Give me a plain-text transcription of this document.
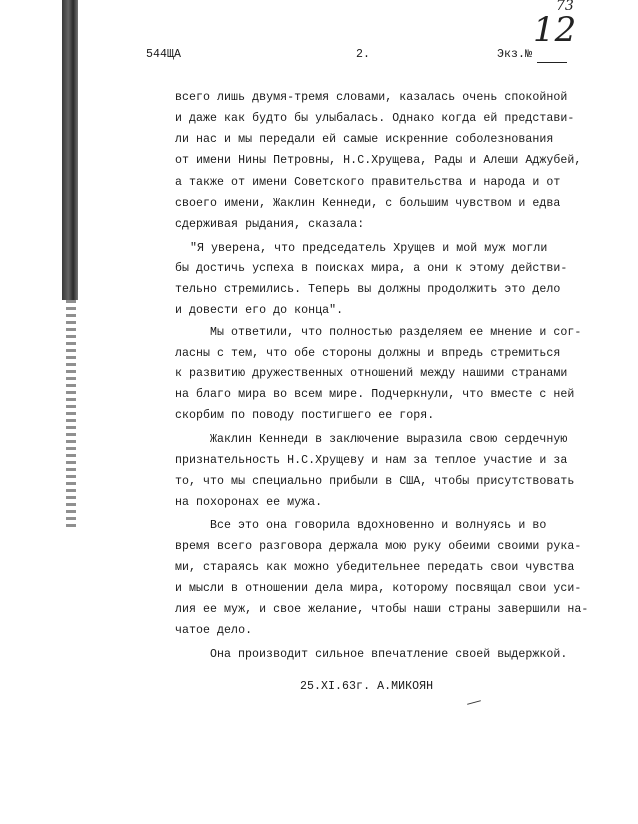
544ЩА	2.	Экз.№
12
73
всего лишь двумя-тремя словами, казалась очень спокойной
и даже как будто бы улыбалась. Однако когда ей представи-
ли нас и мы передали ей самые искренние соболезнования
от имени Нины Петровны, Н.С.Хрущева, Рады и Алеши Аджубей,
а также от имени Советского правительства и народа и от
своего имени, Жаклин Кеннеди, с большим чувством и едва
сдерживая рыдания, сказала:
"Я уверена, что председатель Хрущев и мой муж могли
бы достичь успеха в поисках мира, а они к этому действи-
тельно стремились. Теперь вы должны продолжить это дело
и довести его до конца".
Мы ответили, что полностью разделяем ее мнение и сог-
ласны с тем, что обе стороны должны и впредь стремиться
к развитию дружественных отношений между нашими странами
на благо мира во всем мире. Подчеркнули, что вместе с ней
скорбим по поводу постигшего ее горя.
Жаклин Кеннеди в заключение выразила свою сердечную
признательность Н.С.Хрущеву и нам за теплое участие и за
то, что мы специально прибыли в США, чтобы присутствовать
на похоронах ее мужа.
Все это она говорила вдохновенно и волнуясь и во
время всего разговора держала мою руку обеими своими рука-
ми, стараясь как можно убедительнее передать свои чувства
и мысли в отношении дела мира, которому посвящал свои уси-
лия ее муж, и свое желание, чтобы наши страны завершили на-
чатое дело.
Она производит сильное впечатление своей выдержкой.
25.XI.63г. А.МИКОЯН
